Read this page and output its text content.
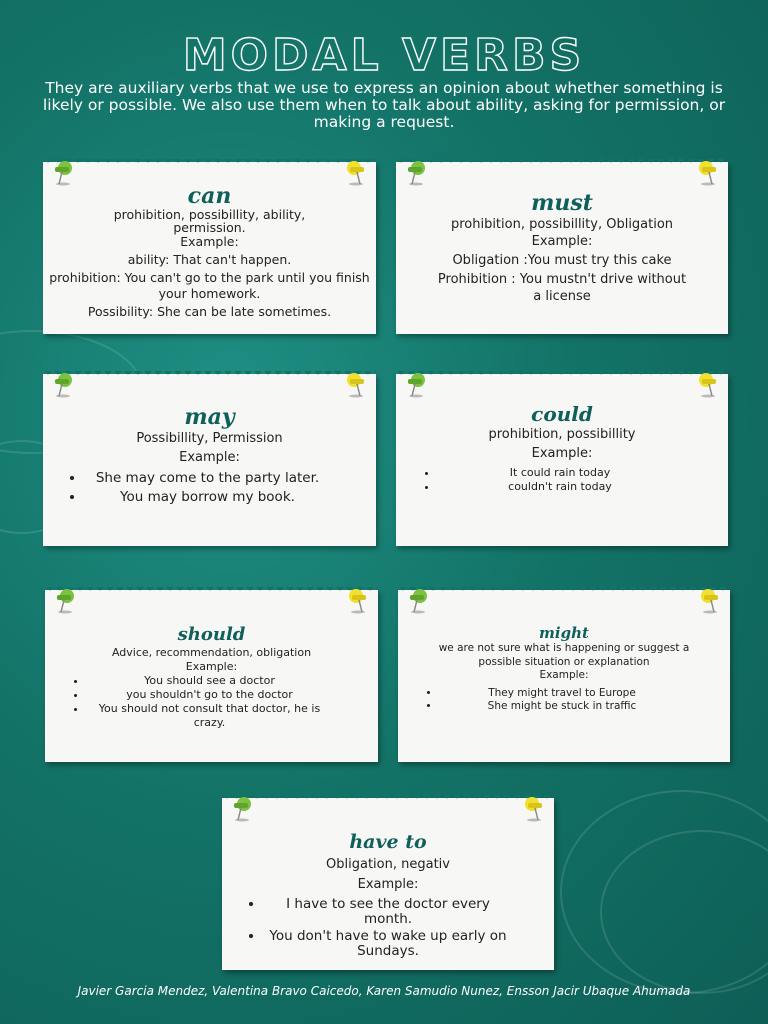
MODAL VERBS

They are auxiliary verbs that we use to express an opinion about whether something is likely or possible. We also use them when to talk about ability, asking for permission, or making a request.

can

prohibition, possibillity, ability, permission.

Example:

ability: That can't happen.

prohibition: You can't go to the park until you finish your homework.

Possibility: She can be late sometimes.

must

prohibition, possibillity, Obligation

Example:

Obligation :You must try this cake

Prohibition : You mustn't drive without a license

may

Possibillity, Permission

Example:

• She may come to the party later.
• You may borrow my book.
could

prohibition, possibillity

Example:

• It could rain today
• couldn't rain today
should

Advice, recommendation, obligation

Example:

• You should see a doctor
• you shouldn't go to the doctor
• You should not consult that doctor, he is crazy.
might

we are not sure what is happening or suggest a possible situation or explanation

Example:

• They might travel to Europe
• She might be stuck in traffic
have to

Obligation, negativ

Example:

• I have to see the doctor every month.
• You don't have to wake up early on Sundays.

Javier Garcia Mendez, Valentina Bravo Caicedo, Karen Samudio Nunez, Ensson Jacir Ubaque Ahumada
